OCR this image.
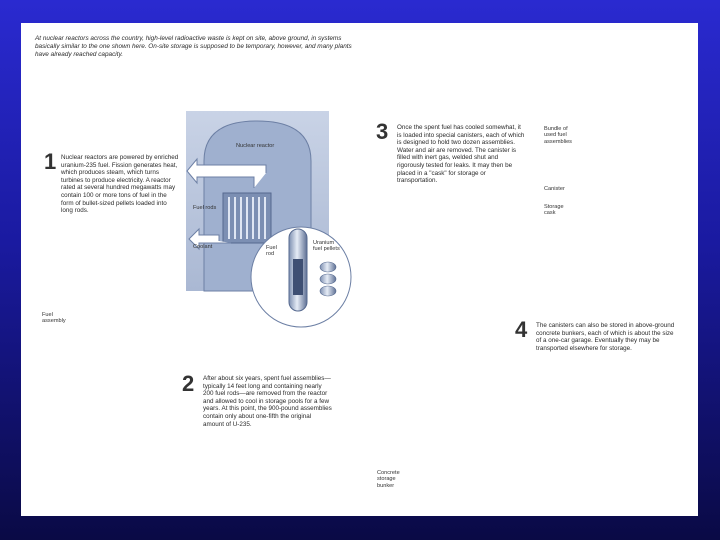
At nuclear reactors across the country, high-level radioactive waste is kept on site, above ground, in systems basically similar to the one shown here. On-site storage is supposed to be temporary, however, and many plants have already reached capacity.
1 Nuclear reactors are powered by enriched uranium-235 fuel. Fission generates heat, which produces steam, which turns turbines to produce electricity. A reactor rated at several hundred megawatts may contain 100 or more tons of fuel in the form of bullet-sized pellets loaded into long rods.
2 After about six years, spent fuel assemblies—typically 14 feet long and containing nearly 200 fuel rods—are removed from the reactor and allowed to cool in storage pools for a few years. At this point, the 900-pound assemblies contain only about one-fifth the original amount of U-235.
3 Once the spent fuel has cooled somewhat, it is loaded into special canisters, each of which is designed to hold two dozen assemblies. Water and air are removed. The canister is filled with inert gas, welded shut and rigorously tested for leaks. It may then be placed in a "cask" for storage or transportation.
4 The canisters can also be stored in above-ground concrete bunkers, each of which is about the size of a one-car garage. Eventually they may be transported elsewhere for storage.
Nuclear reactor
Fuel rods
Coolant	Fuel rod
Uranium fuel pellets
Fuel assembly
Bundle of used fuel assemblies
Canister
Storage cask
Concrete storage bunker
